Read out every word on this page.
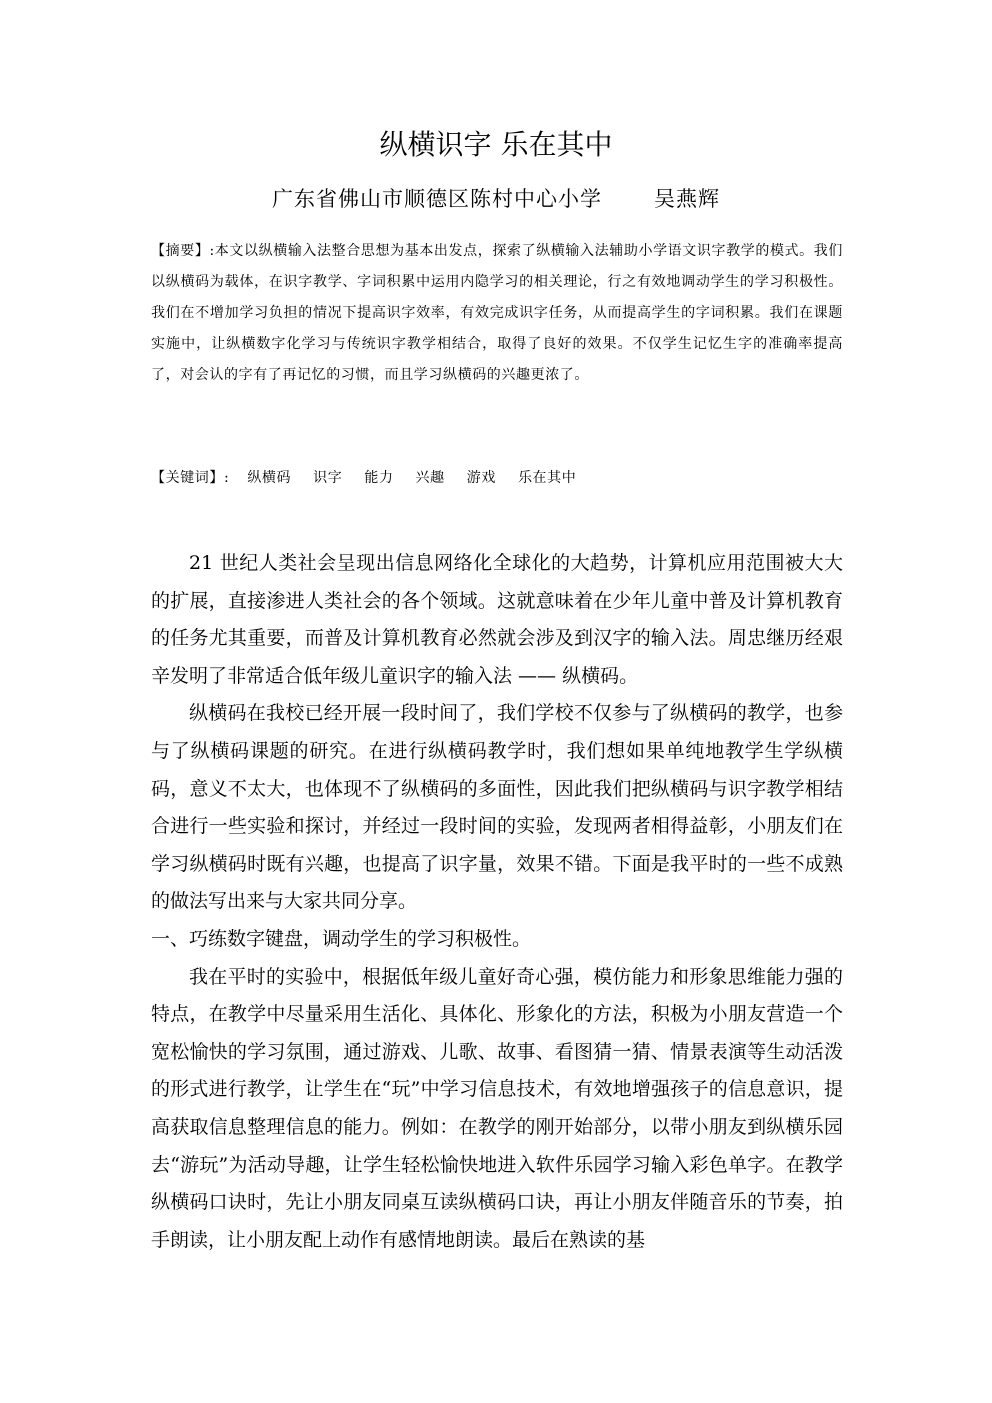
纵横识字 乐在其中
广东省佛山市顺德区陈村中心小学 吴燕辉

【摘要】:本文以纵横输入法整合思想为基本出发点，探索了纵横输入法辅助小学语文识字教学的模式。我们以纵横码为载体，在识字教学、字词积累中运用内隐学习的相关理论，行之有效地调动学生的学习积极性。我们在不增加学习负担的情况下提高识字效率，有效完成识字任务，从而提高学生的字词积累。我们在课题实施中，让纵横数字化学习与传统识字教学相结合，取得了良好的效果。不仅学生记忆生字的准确率提高了，对会认的字有了再记忆的习惯，而且学习纵横码的兴趣更浓了。

【关键词】: 纵横码 识字 能力 兴趣 游戏 乐在其中

21 世纪人类社会呈现出信息网络化全球化的大趋势，计算机应用范围被大大的扩展，直接渗进人类社会的各个领域。这就意味着在少年儿童中普及计算机教育的任务尤其重要，而普及计算机教育必然就会涉及到汉字的输入法。周忠继历经艰辛发明了非常适合低年级儿童识字的输入法 —— 纵横码。

纵横码在我校已经开展一段时间了，我们学校不仅参与了纵横码的教学，也参与了纵横码课题的研究。在进行纵横码教学时，我们想如果单纯地教学生学纵横码，意义不太大，也体现不了纵横码的多面性，因此我们把纵横码与识字教学相结合进行一些实验和探讨，并经过一段时间的实验，发现两者相得益彰，小朋友们在学习纵横码时既有兴趣，也提高了识字量，效果不错。下面是我平时的一些不成熟的做法写出来与大家共同分享。

一、巧练数字键盘，调动学生的学习积极性。

我在平时的实验中，根据低年级儿童好奇心强，模仿能力和形象思维能力强的特点，在教学中尽量采用生活化、具体化、形象化的方法，积极为小朋友营造一个宽松愉快的学习氛围，通过游戏、儿歌、故事、看图猜一猜、情景表演等生动活泼的形式进行教学，让学生在“玩”中学习信息技术，有效地增强孩子的信息意识，提高获取信息整理信息的能力。例如：在教学的刚开始部分，以带小朋友到纵横乐园去“游玩”为活动导趣，让学生轻松愉快地进入软件乐园学习输入彩色单字。在教学纵横码口诀时，先让小朋友同桌互读纵横码口诀，再让小朋友伴随音乐的节奏，拍手朗读，让小朋友配上动作有感情地朗读。最后在熟读的基
